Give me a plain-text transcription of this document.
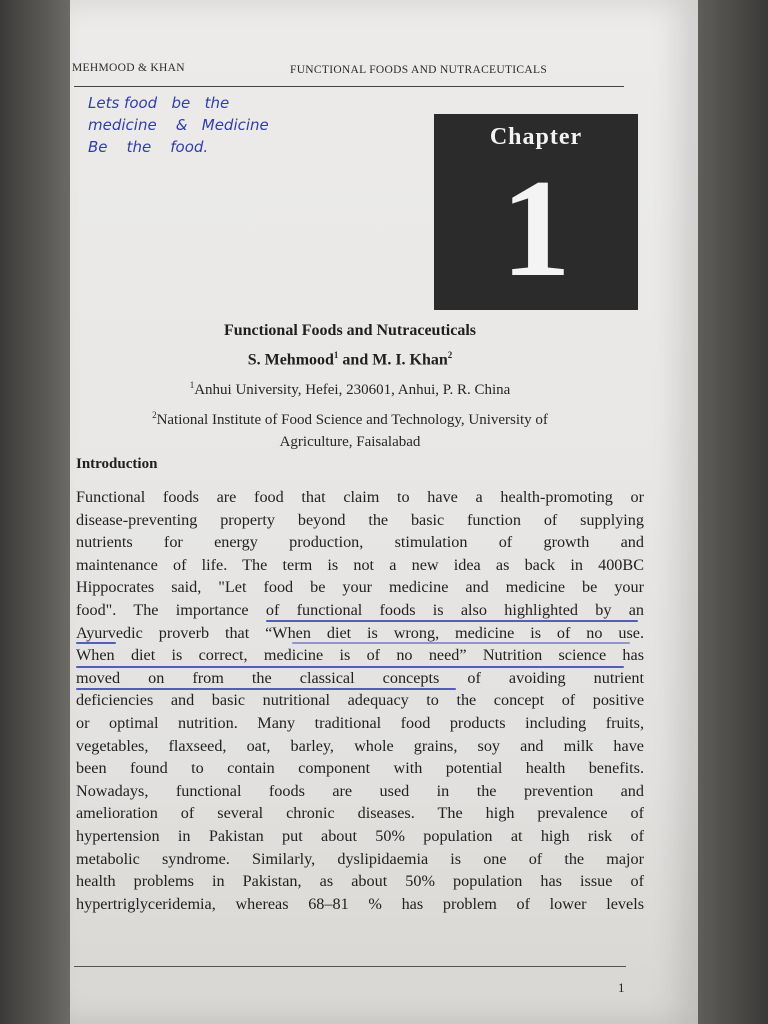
MEHMOOD & KHAN	FUNCTIONAL FOODS AND NUTRACEUTICALS
Lets food   be   the
medicine    &   Medicine
Be    the    food.	Chapter
1
Functional Foods and Nutraceuticals
S. Mehmood$^1$ and M. I. Khan$^2$
$^1$Anhui University, Hefei, 230601, Anhui, P. R. China
$^2$National Institute of Food Science and Technology, University of
Agriculture, Faisalabad
Introduction
Functional foods are food that claim to have a health-promoting or
disease-preventing property beyond the basic function of supplying
nutrients for energy production, stimulation of growth and
maintenance of life. The term is not a new idea as back in 400BC
Hippocrates said, "Let food be your medicine and medicine be your
food". The importance of functional foods is also highlighted by an
Ayurvedic proverb that “When diet is wrong, medicine is of no use.
When diet is correct, medicine is of no need” Nutrition science has
moved on from the classical concepts of avoiding nutrient
deficiencies and basic nutritional adequacy to the concept of positive
or optimal nutrition. Many traditional food products including fruits,
vegetables, flaxseed, oat, barley, whole grains, soy and milk have
been found to contain component with potential health benefits.
Nowadays, functional foods are used in the prevention and
amelioration of several chronic diseases. The high prevalence of
hypertension in Pakistan put about 50% population at high risk of
metabolic syndrome. Similarly, dyslipidaemia is one of the major
health problems in Pakistan, as about 50% population has issue of
hypertriglyceridemia, whereas 68–81 % has problem of lower levels
1
